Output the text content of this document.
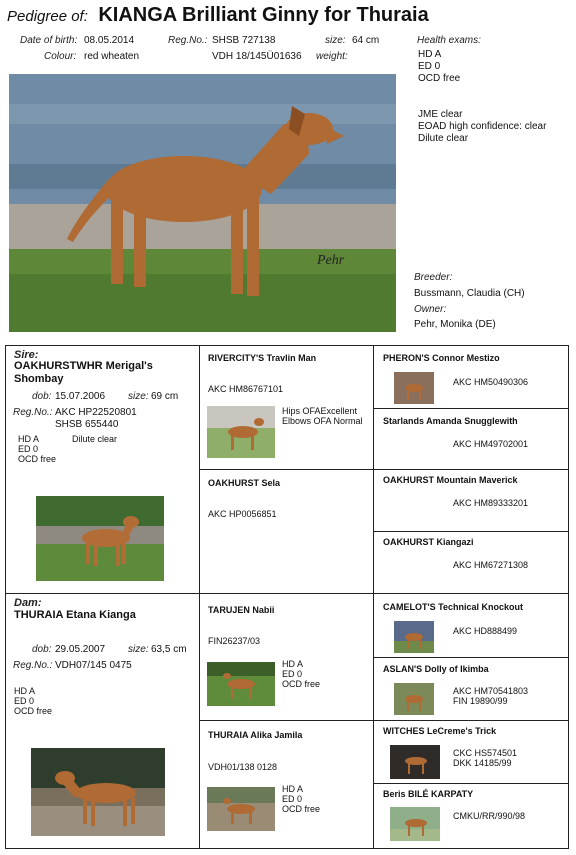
Pedigree of: KIANGA Brilliant Ginny for Thuraia
Date of birth: 08.05.2014
Colour: red wheaten
Reg.No.: SHSB 727138
VDH 18/145Ü01636
size: 64 cm
weight:
Health exams:
HD A
ED 0
OCD free
JME clear
EOAD high confidence: clear
Dilute clear
Breeder:
Bussmann, Claudia (CH)
Owner:
Pehr, Monika (DE)
Pehr
Sire:
OAKHURSTWHR Merigal's Shombay
dob: 15.07.2006 size: 69 cm
Reg.No.: AKC HP22520801
SHSB 655440
HD A
ED 0
OCD free
Dilute clear
Dam:
THURAIA Etana Kianga
dob: 29.05.2007 size: 63,5 cm
Reg.No.: VDH07/145 0475
HD A
ED 0
OCD free
RIVERCITY'S Travlin Man
AKC HM86767101
Hips OFAExcellent
Elbows OFA Normal
OAKHURST Sela
AKC HP0056851
TARUJEN Nabii
FIN26237/03
HD A
ED 0
OCD free
THURAIA Alika Jamila
VDH01/138 0128
HD A
ED 0
OCD free
PHERON'S Connor Mestizo
AKC HM50490306
Starlands Amanda Snugglewith
AKC HM49702001
OAKHURST Mountain Maverick
AKC HM89333201
OAKHURST Kiangazi
AKC HM67271308
CAMELOT'S Technical Knockout
AKC HD888499
ASLAN'S Dolly of Ikimba
AKC HM70541803
FIN 19890/99
WITCHES LeCreme's Trick
CKC HS574501
DKK 14185/99
Beris BILÉ KARPATY
CMKU/RR/990/98
